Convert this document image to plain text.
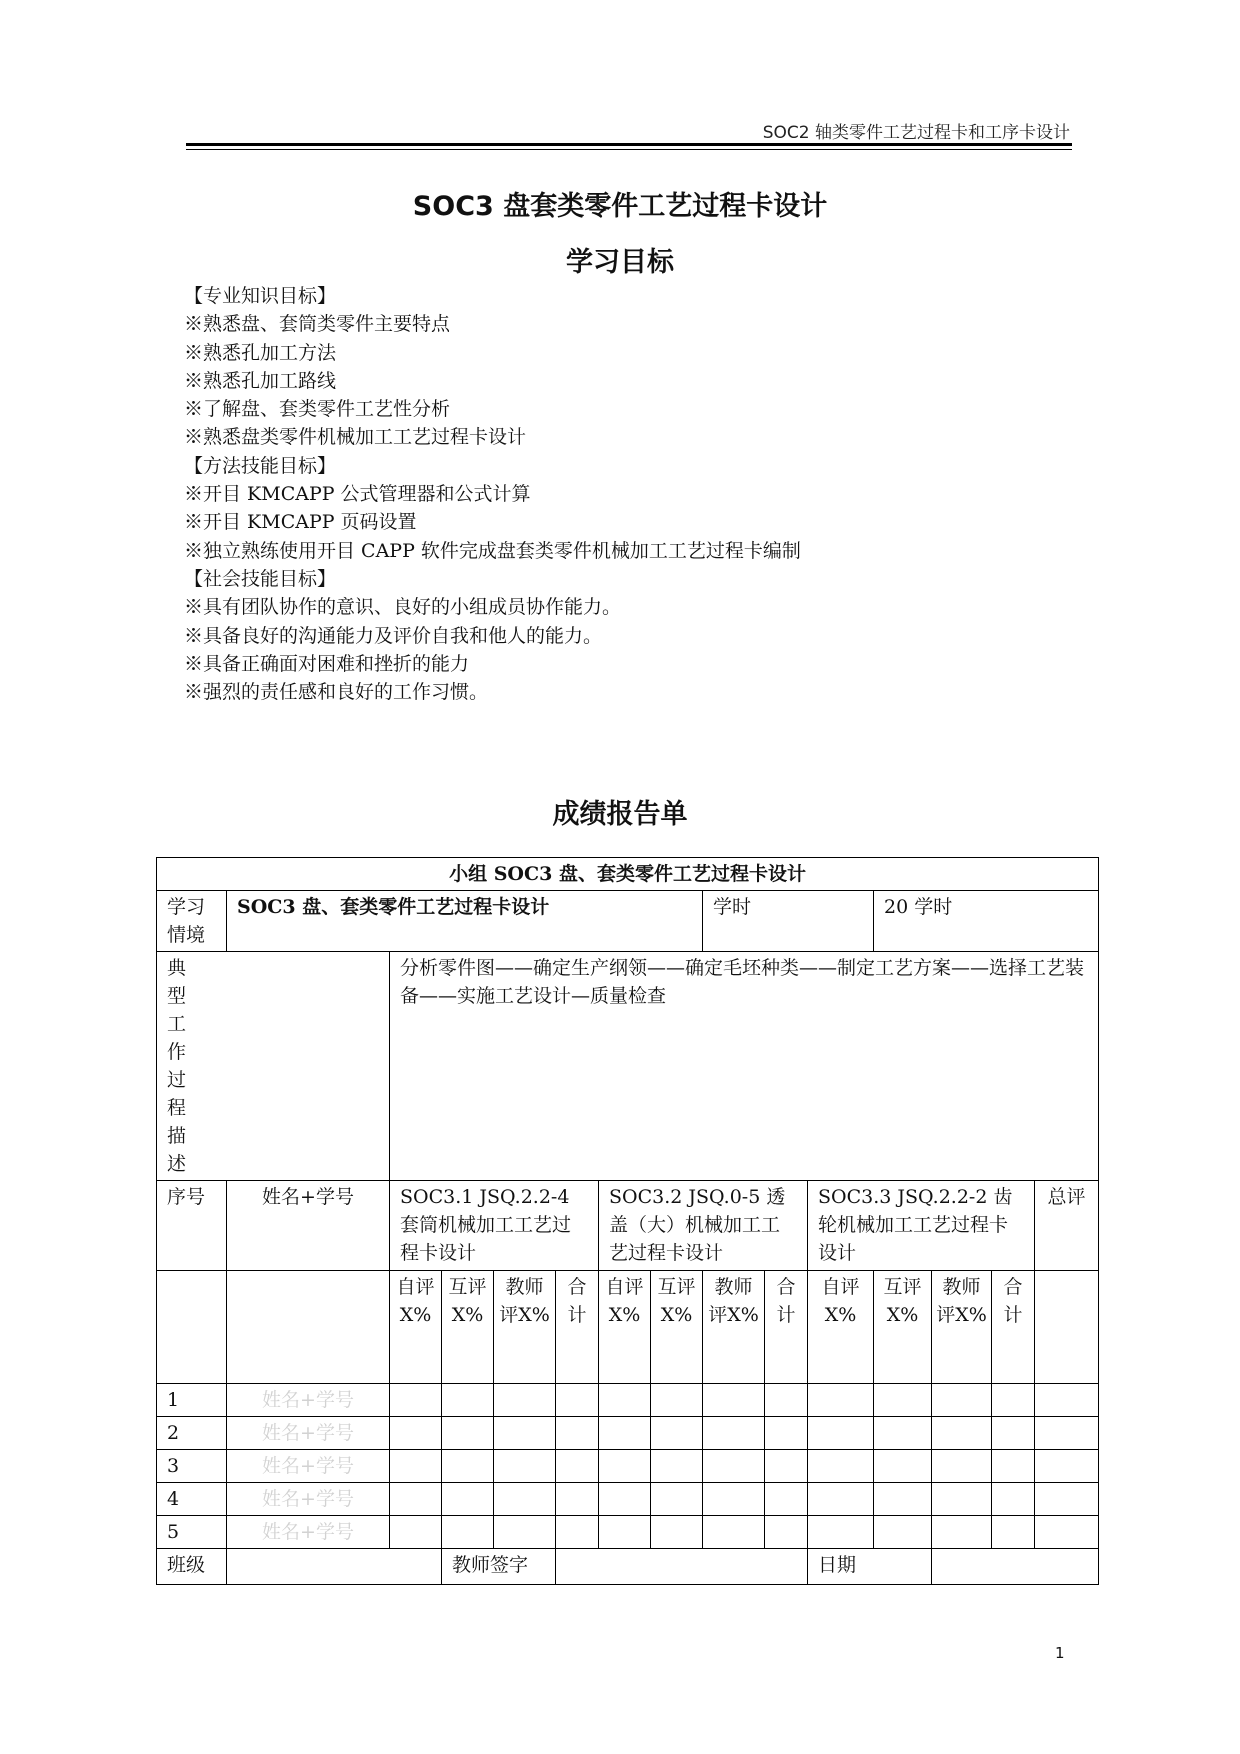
SOC2 轴类零件工艺过程卡和工序卡设计
SOC3 盘套类零件工艺过程卡设计
学习目标
【专业知识目标】
※熟悉盘、套筒类零件主要特点
※熟悉孔加工方法
※熟悉孔加工路线
※了解盘、套类零件工艺性分析
※熟悉盘类零件机械加工工艺过程卡设计
【方法技能目标】
※开目 KMCAPP 公式管理器和公式计算
※开目 KMCAPP 页码设置
※独立熟练使用开目 CAPP 软件完成盘套类零件机械加工工艺过程卡编制
【社会技能目标】
※具有团队协作的意识、良好的小组成员协作能力。
※具备良好的沟通能力及评价自我和他人的能力。
※具备正确面对困难和挫折的能力
※强烈的责任感和良好的工作习惯。
成绩报告单
小组 SOC3 盘、套类零件工艺过程卡设计														
学习情境	SOC3 盘、套类零件工艺过程卡设计							学时			20 学时			
典型工作过程描述		分析零件图——确定生产纲领——确定毛坯种类——制定工艺方案——选择工艺装备——实施工艺设计—质量检查												
序号	姓名+学号	SOC3.1 JSQ.2.2-4 套筒机械加工工艺过程卡设计				SOC3.2 JSQ.0-5 透盖（大）机械加工工艺过程卡设计				SOC3.3 JSQ.2.2-2 齿轮机械加工工艺过程卡设计				总评
		自评X%	互评X%	教师评X%	合计	自评X%	互评X%	教师评X%	合计	自评X%	互评X%	教师评X%	合计	
1	姓名+学号													
2	姓名+学号													
3	姓名+学号													
4	姓名+学号													
5	姓名+学号													
班级			教师签字							日期				
1
